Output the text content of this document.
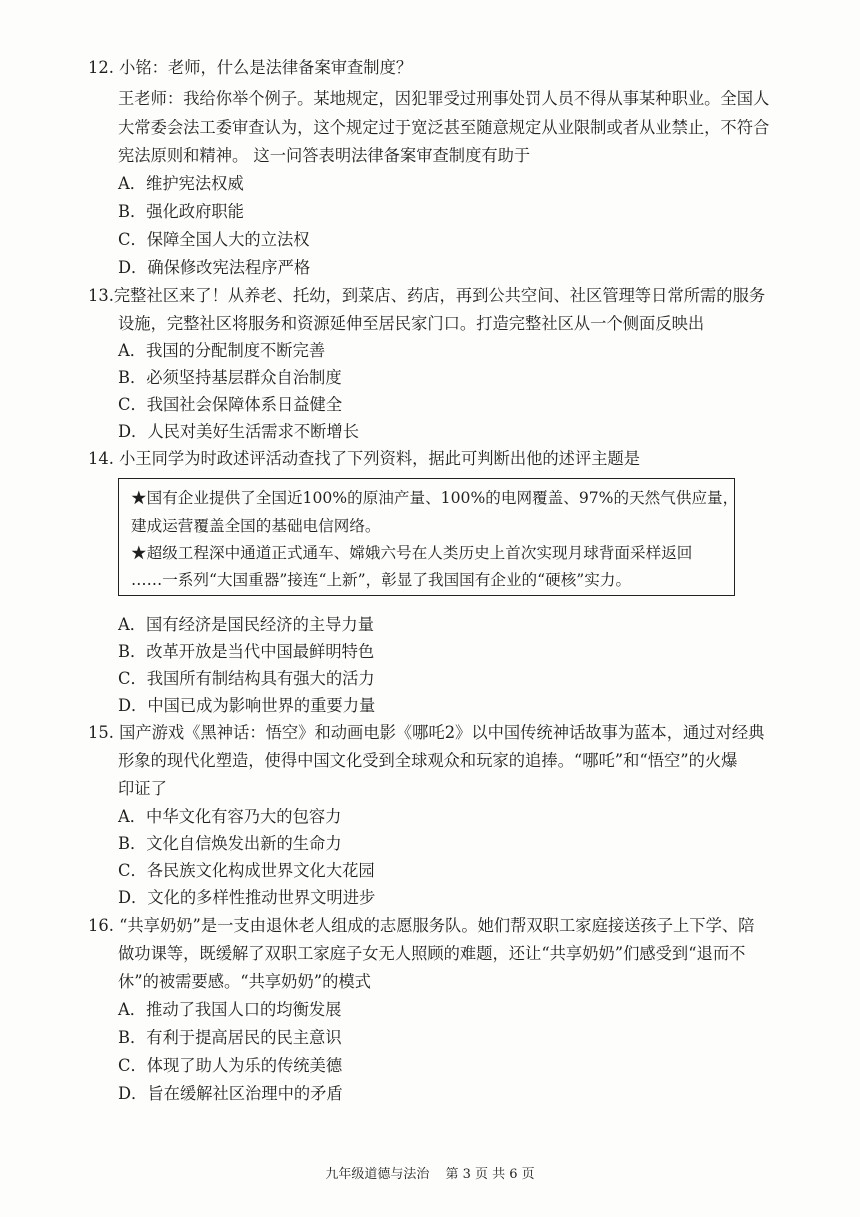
12. 小铭：老师，什么是法律备案审查制度？
王老师：我给你举个例子。某地规定，因犯罪受过刑事处罚人员不得从事某种职业。全国人
大常委会法工委审查认为，这个规定过于宽泛甚至随意规定从业限制或者从业禁止，不符合
宪法原则和精神。 这一问答表明法律备案审查制度有助于
A．维护宪法权威
B．强化政府职能
C．保障全国人大的立法权
D．确保修改宪法程序严格
13.完整社区来了！从养老、托幼，到菜店、药店，再到公共空间、社区管理等日常所需的服务
设施，完整社区将服务和资源延伸至居民家门口。打造完整社区从一个侧面反映出
A．我国的分配制度不断完善
B．必须坚持基层群众自治制度
C．我国社会保障体系日益健全
D．人民对美好生活需求不断增长
14. 小王同学为时政述评活动查找了下列资料，据此可判断出他的述评主题是
★国有企业提供了全国近100%的原油产量、100%的电网覆盖、97%的天然气供应量，
建成运营覆盖全国的基础电信网络。
★超级工程深中通道正式通车、嫦娥六号在人类历史上首次实现月球背面采样返回
……一系列“大国重器”接连“上新”，彰显了我国国有企业的“硬核”实力。
A．国有经济是国民经济的主导力量
B．改革开放是当代中国最鲜明特色
C．我国所有制结构具有强大的活力
D．中国已成为影响世界的重要力量
15. 国产游戏《黑神话：悟空》和动画电影《哪吒2》以中国传统神话故事为蓝本，通过对经典
形象的现代化塑造，使得中国文化受到全球观众和玩家的追捧。“哪吒”和“悟空”的火爆
印证了
A．中华文化有容乃大的包容力
B．文化自信焕发出新的生命力
C．各民族文化构成世界文化大花园
D．文化的多样性推动世界文明进步
16. “共享奶奶”是一支由退休老人组成的志愿服务队。她们帮双职工家庭接送孩子上下学、陪
做功课等，既缓解了双职工家庭子女无人照顾的难题，还让“共享奶奶”们感受到“退而不
休”的被需要感。“共享奶奶”的模式
A．推动了我国人口的均衡发展
B．有利于提高居民的民主意识
C．体现了助人为乐的传统美德
D．旨在缓解社区治理中的矛盾
九年级道德与法治 第 3 页 共 6 页
